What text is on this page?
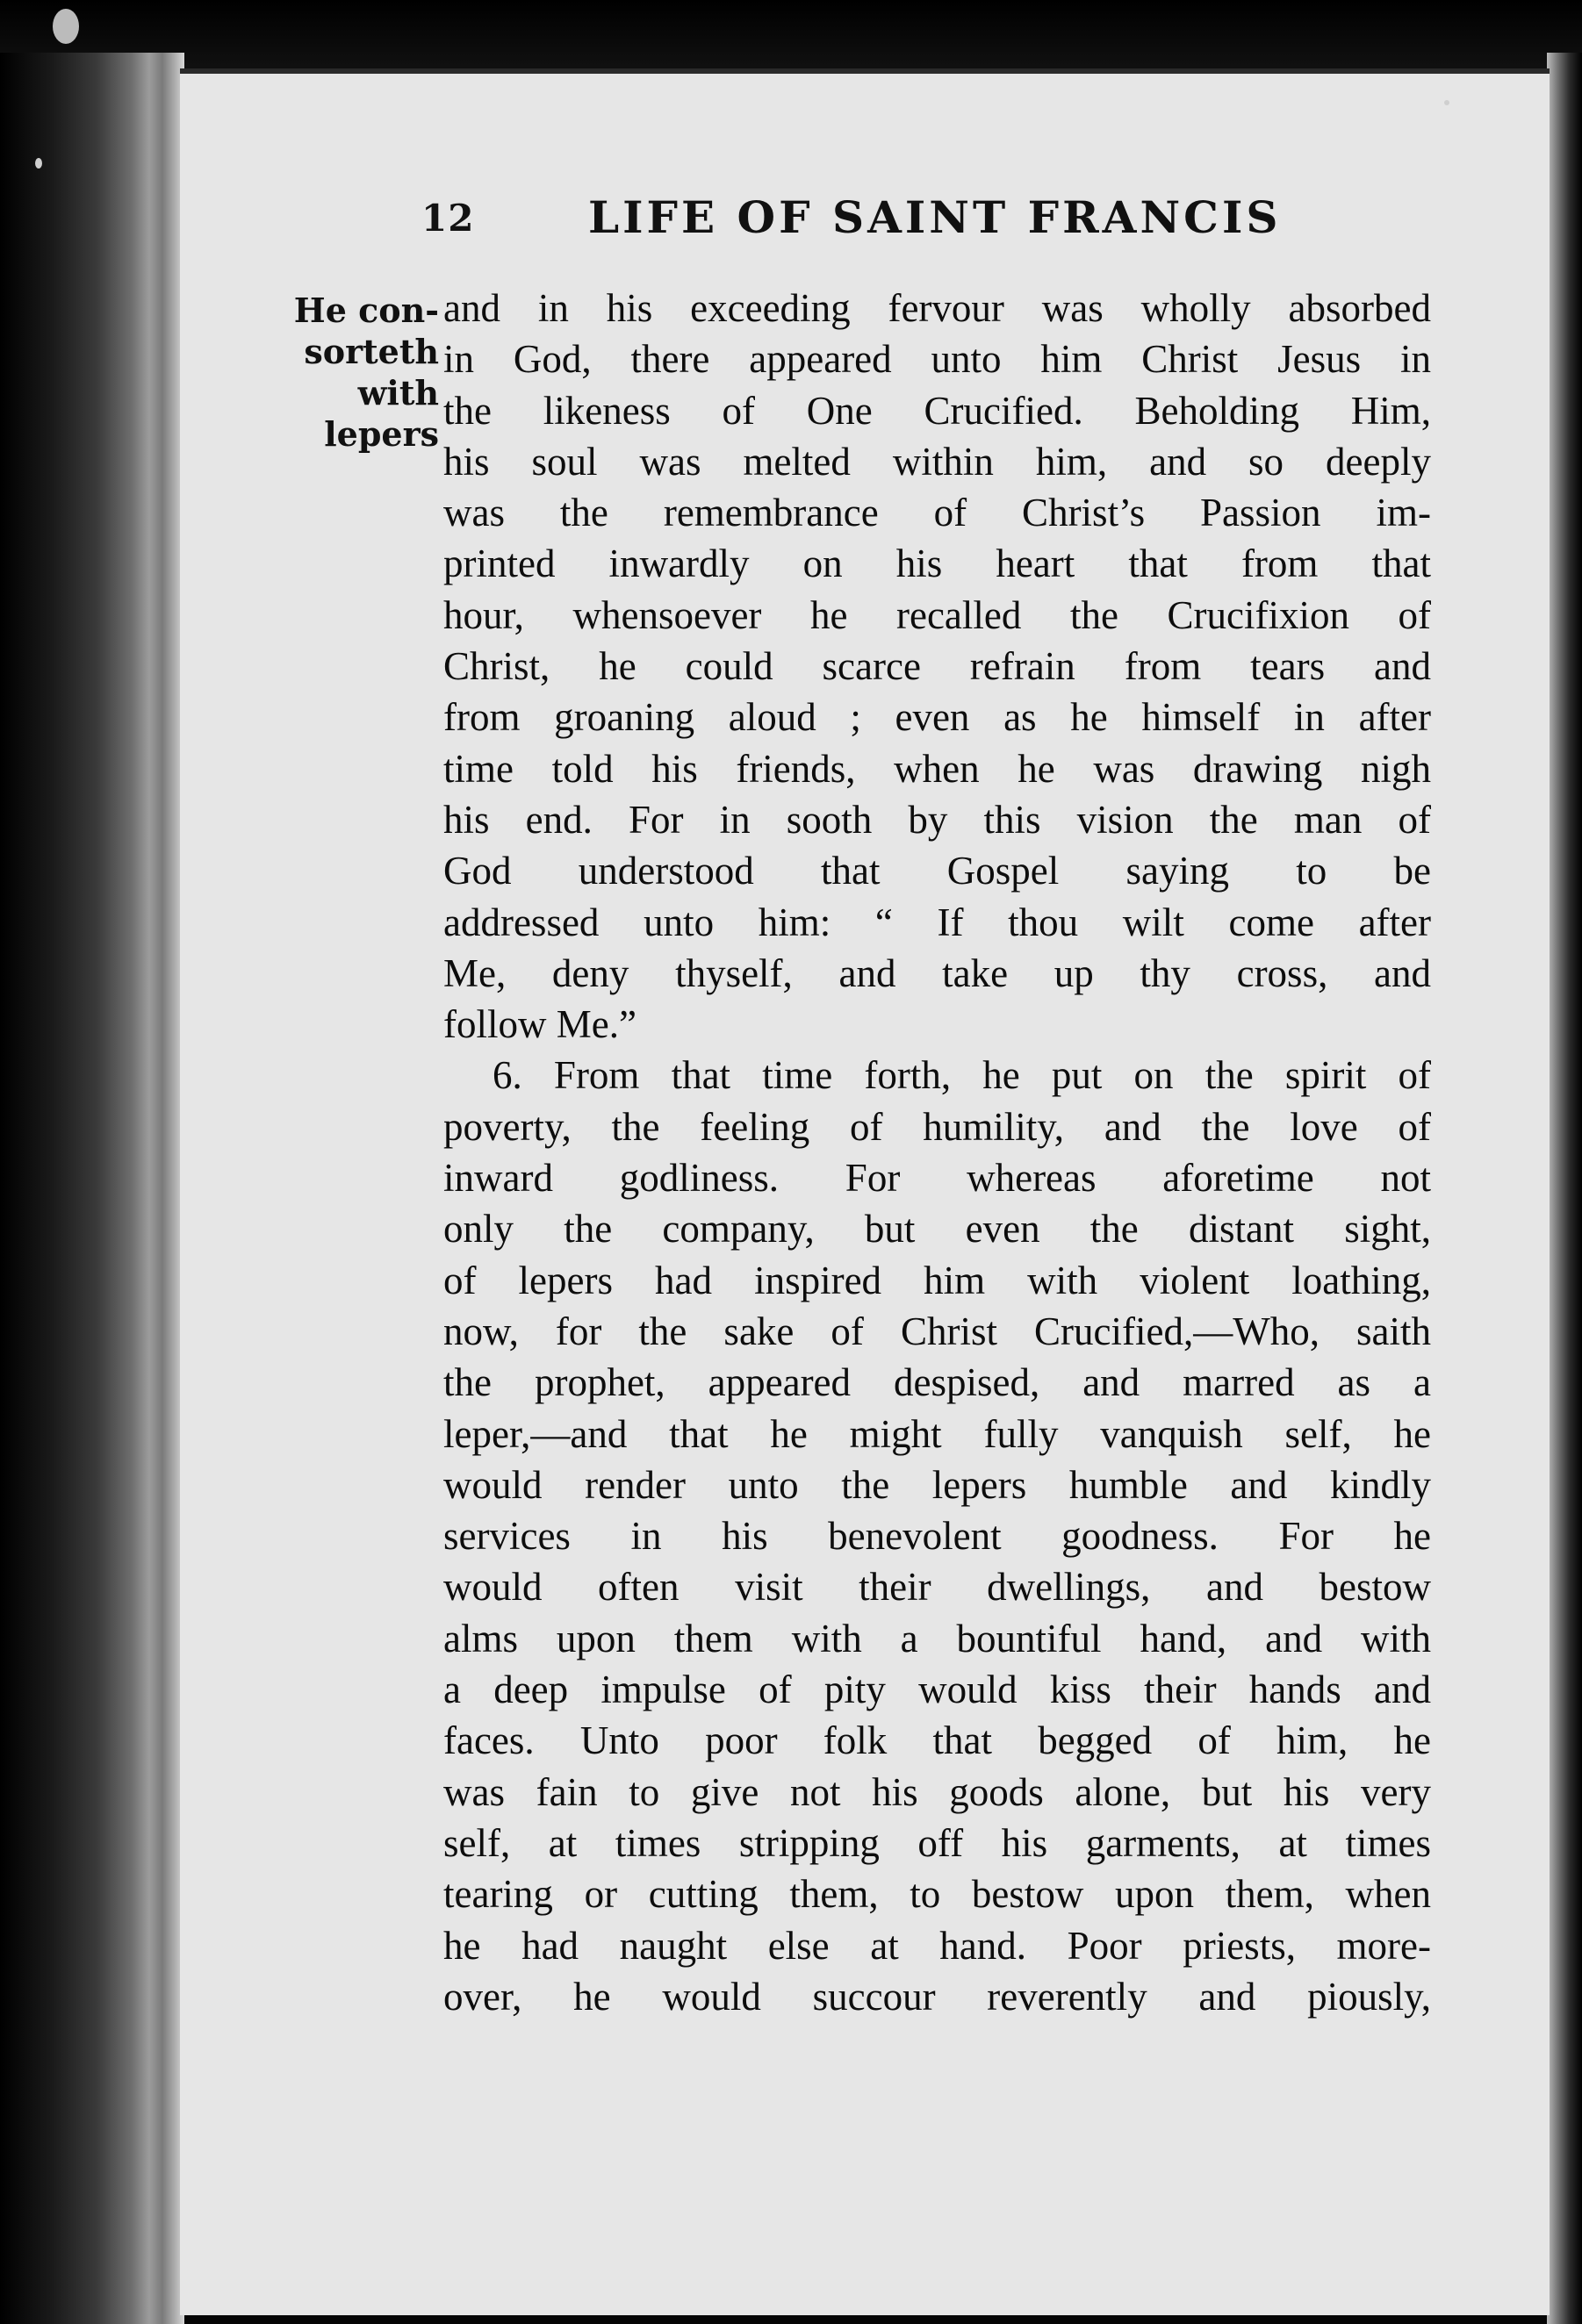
12	LIFE OF SAINT FRANCIS
He con-
sorteth
with
lepers
and in his exceeding fervour was wholly absorbed
in God, there appeared unto him Christ Jesus in
the likeness of One Crucified. Beholding Him,
his soul was melted within him, and so deeply
was the remembrance of Christ’s Passion im-
printed inwardly on his heart that from that
hour, whensoever he recalled the Crucifixion of
Christ, he could scarce refrain from tears and
from groaning aloud ; even as he himself in after
time told his friends, when he was drawing nigh
his end. For in sooth by this vision the man of
God understood that Gospel saying to be
addressed unto him: “ If thou wilt come after
Me, deny thyself, and take up thy cross, and
follow Me.”
6. From that time forth, he put on the spirit of
poverty, the feeling of humility, and the love of
inward godliness. For whereas aforetime not
only the company, but even the distant sight,
of lepers had inspired him with violent loathing,
now, for the sake of Christ Crucified,—Who, saith
the prophet, appeared despised, and marred as a
leper,—and that he might fully vanquish self, he
would render unto the lepers humble and kindly
services in his benevolent goodness. For he
would often visit their dwellings, and bestow
alms upon them with a bountiful hand, and with
a deep impulse of pity would kiss their hands and
faces. Unto poor folk that begged of him, he
was fain to give not his goods alone, but his very
self, at times stripping off his garments, at times
tearing or cutting them, to bestow upon them, when
he had naught else at hand. Poor priests, more-
over, he would succour reverently and piously,
